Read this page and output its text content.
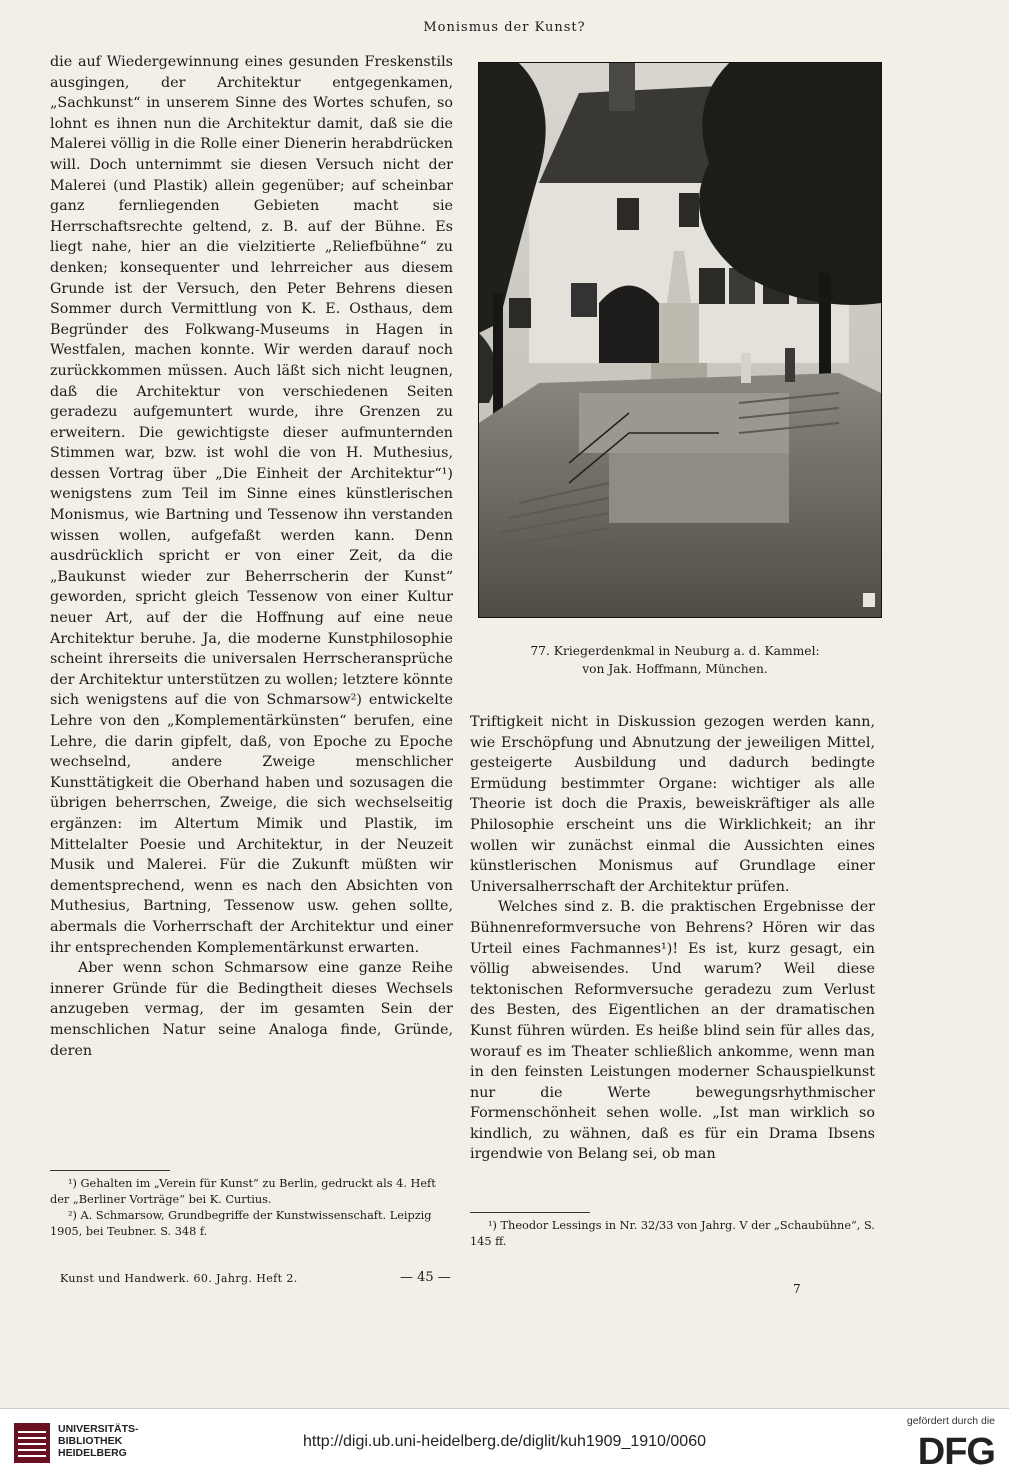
Monismus der Kunst?

die auf Wiedergewinnung eines gesunden Freskenstils ausgingen, der Architektur entgegenkamen, „Sachkunst“ in unserem Sinne des Wortes schufen, so lohnt es ihnen nun die Architektur damit, daß sie die Malerei völlig in die Rolle einer Dienerin herabdrücken will. Doch unternimmt sie diesen Versuch nicht der Malerei (und Plastik) allein gegenüber; auf scheinbar ganz fernliegenden Gebieten macht sie Herrschaftsrechte geltend, z. B. auf der Bühne. Es liegt nahe, hier an die vielzitierte „Reliefbühne“ zu denken; konsequenter und lehrreicher aus diesem Grunde ist der Versuch, den Peter Behrens diesen Sommer durch Vermittlung von K. E. Osthaus, dem Begründer des Folkwang-Museums in Hagen in Westfalen, machen konnte. Wir werden darauf noch zurückkommen müssen. Auch läßt sich nicht leugnen, daß die Architektur von verschiedenen Seiten geradezu aufgemuntert wurde, ihre Grenzen zu erweitern. Die gewichtigste dieser aufmunternden Stimmen war, bzw. ist wohl die von H. Muthesius, dessen Vortrag über „Die Einheit der Architektur“¹) wenigstens zum Teil im Sinne eines künstlerischen Monismus, wie Bartning und Tessenow ihn verstanden wissen wollen, aufgefaßt werden kann. Denn ausdrücklich spricht er von einer Zeit, da die „Baukunst wieder zur Beherrscherin der Kunst“ geworden, spricht gleich Tessenow von einer Kultur neuer Art, auf der die Hoffnung auf eine neue Architektur beruhe. Ja, die moderne Kunstphilosophie scheint ihrerseits die universalen Herrscheransprüche der Architektur unterstützen zu wollen; letztere könnte sich wenigstens auf die von Schmarsow²) entwickelte Lehre von den „Komplementärkünsten“ berufen, eine Lehre, die darin gipfelt, daß, von Epoche zu Epoche wechselnd, andere Zweige menschlicher Kunsttätigkeit die Oberhand haben und sozusagen die übrigen beherrschen, Zweige, die sich wechselseitig ergänzen: im Altertum Mimik und Plastik, im Mittelalter Poesie und Architektur, in der Neuzeit Musik und Malerei. Für die Zukunft müßten wir dementsprechend, wenn es nach den Absichten von Muthesius, Bartning, Tessenow usw. gehen sollte, abermals die Vorherrschaft der Architektur und einer ihr entsprechenden Komplementärkunst erwarten.

Aber wenn schon Schmarsow eine ganze Reihe innerer Gründe für die Bedingtheit dieses Wechsels anzugeben vermag, der im gesamten Sein der menschlichen Natur seine Analoga finde, Gründe, deren

¹) Gehalten im „Verein für Kunst“ zu Berlin, gedruckt als 4. Heft der „Berliner Vorträge“ bei K. Curtius.
²) A. Schmarsow, Grundbegriffe der Kunstwissenschaft. Leipzig 1905, bei Teubner. S. 348 f.
77. Kriegerdenkmal in Neuburg a. d. Kammel:
von Jak. Hoffmann, München.

Triftigkeit nicht in Diskussion gezogen werden kann, wie Erschöpfung und Abnutzung der jeweiligen Mittel, gesteigerte Ausbildung und dadurch bedingte Ermüdung bestimmter Organe: wichtiger als alle Theorie ist doch die Praxis, beweiskräftiger als alle Philosophie erscheint uns die Wirklichkeit; an ihr wollen wir zunächst einmal die Aussichten eines künstlerischen Monismus auf Grundlage einer Universalherrschaft der Architektur prüfen.

Welches sind z. B. die praktischen Ergebnisse der Bühnenreformversuche von Behrens? Hören wir das Urteil eines Fachmannes¹)! Es ist, kurz gesagt, ein völlig abweisendes. Und warum? Weil diese tektonischen Reformversuche geradezu zum Verlust des Besten, des Eigentlichen an der dramatischen Kunst führen würden. Es heiße blind sein für alles das, worauf es im Theater schließlich ankomme, wenn man in den feinsten Leistungen moderner Schauspielkunst nur die Werte bewegungsrhythmischer Formenschönheit sehen wolle. „Ist man wirklich so kindlich, zu wähnen, daß es für ein Drama Ibsens irgendwie von Belang sei, ob man

¹) Theodor Lessings in Nr. 32/33 von Jahrg. V der „Schaubühne“, S. 145 ff.
Kunst und Handwerk. 60. Jahrg. Heft 2.	— 45 —
7
UNIVERSITÄTS-
BIBLIOTHEK
HEIDELBERG
http://digi.ub.uni-heidelberg.de/diglit/kuh1909_1910/0060
gefördert durch die
DFG
